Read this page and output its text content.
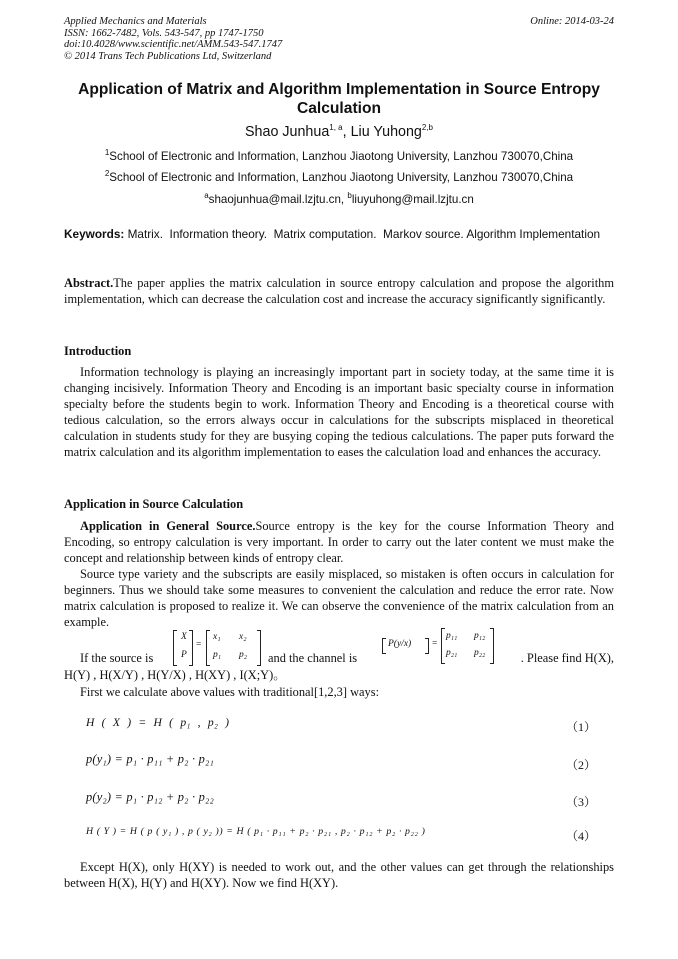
Applied Mechanics and Materials
ISSN: 1662-7482, Vols. 543-547, pp 1747-1750
doi:10.4028/www.scientific.net/AMM.543-547.1747
© 2014 Trans Tech Publications Ltd, Switzerland
Online: 2014-03-24
Application of Matrix and Algorithm Implementation in Source Entropy Calculation
Shao Junhua$^{1, a}$, Liu Yuhong$^{2,b}$
$^1$School of Electronic and Information, Lanzhou Jiaotong University, Lanzhou 730070,China
$^2$School of Electronic and Information, Lanzhou Jiaotong University, Lanzhou 730070,China
$^a$shaojunhua@mail.lzjtu.cn, $^b$liuyuhong@mail.lzjtu.cn
Keywords: Matrix.  Information theory.  Matrix computation.  Markov source. Algorithm Implementation
Abstract.The paper applies the matrix calculation in source entropy calculation and propose the algorithm implementation, which can decrease the calculation cost and increase the accuracy significantly significantly.
Introduction
Information technology is playing an increasingly important part in society today, at the same time it is changing incisively. Information Theory and Encoding is an important basic specialty course in information specialty before the students begin to work. Information Theory and Encoding is a theoretical course with tedious calculation, so the errors always occur in calculations for the subscripts misplaced in theoretical calculation in students study for they are busying coping the tedious calculations. The paper puts forward the matrix calculation and its algorithm implementation to eases the calculation load and enhances the accuracy.
Application in Source Calculation
Application in General Source.Source entropy is the key for the course Information Theory and Encoding, so entropy calculation is very important. In order to carry out the later content we must make the concept and relationship between kinds of entropy clear.
Source type variety and the subscripts are easily misplaced, so mistaken is often occurs in calculation for beginners. Thus we should take some measures to convenient the calculation and reduce the error rate. Now matrix calculation is proposed to realize it. We can observe the convenience of the matrix calculation from an example.
If the source is
X
P
=
x₁ x₂
p₁ p₂ and the channel is
P(y/x) =
p₁₁ p₁₂
p₂₁ p₂₂	. Please find H(X),
H(Y) , H(X/Y) , H(Y/X) , H(XY) , I(X;Y)。
First we calculate above values with traditional[1,2,3] ways:
H ( X ) = H ( p₁ , p₂ )	（1）
p(y₁) = p₁ · p₁₁ + p₂ · p₂₁	（2）
p(y₂) = p₁ · p₁₂ + p₂ · p₂₂	（3）
H ( Y ) = H ( p ( y₁ ) , p ( y₂ )) = H ( p₁ · p₁₁ + p₂ · p₂₁ , p₂ · p₁₂ + p₂ · p₂₂ )	（4）
Except H(X), only H(XY) is needed to work out, and the other values can get through the relationships between H(X), H(Y) and H(XY). Now we find H(XY).
